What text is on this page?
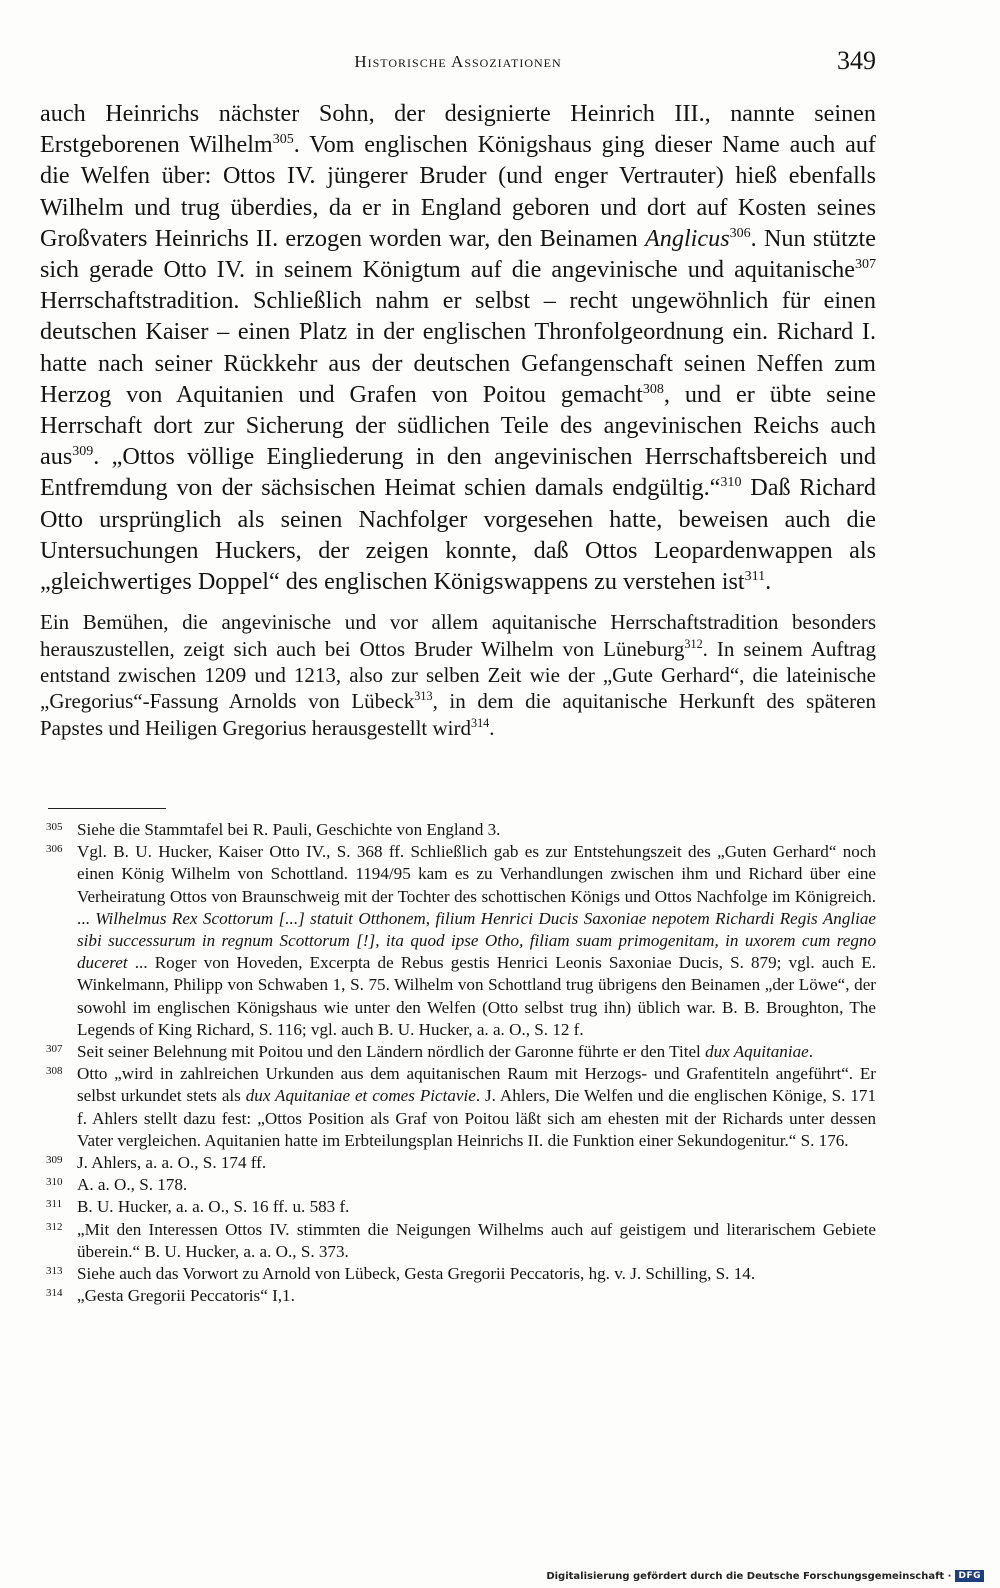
Historische Assoziationen	349

auch Heinrichs nächster Sohn, der designierte Heinrich III., nannte seinen Erstgeborenen Wilhelm$^{305}$. Vom englischen Königshaus ging dieser Name auch auf die Welfen über: Ottos IV. jüngerer Bruder (und enger Vertrauter) hieß ebenfalls Wilhelm und trug überdies, da er in England geboren und dort auf Kosten seines Großvaters Heinrichs II. erzogen worden war, den Beinamen Anglicus$^{306}$. Nun stützte sich gerade Otto IV. in seinem Königtum auf die angevinische und aquitanische$^{307}$ Herrschaftstradition. Schließlich nahm er selbst – recht ungewöhnlich für einen deutschen Kaiser – einen Platz in der englischen Thronfolgeordnung ein. Richard I. hatte nach seiner Rückkehr aus der deutschen Gefangenschaft seinen Neffen zum Herzog von Aquitanien und Grafen von Poitou gemacht$^{308}$, und er übte seine Herrschaft dort zur Sicherung der südlichen Teile des angevinischen Reichs auch aus$^{309}$. „Ottos völlige Eingliederung in den angevinischen Herrschaftsbereich und Entfremdung von der sächsischen Heimat schien damals endgültig.“$^{310}$ Daß Richard Otto ursprünglich als seinen Nachfolger vorgesehen hatte, beweisen auch die Untersuchungen Huckers, der zeigen konnte, daß Ottos Leopardenwappen als „gleichwertiges Doppel“ des englischen Königswappens zu verstehen ist$^{311}$.

Ein Bemühen, die angevinische und vor allem aquitanische Herrschaftstradition besonders herauszustellen, zeigt sich auch bei Ottos Bruder Wilhelm von Lüneburg$^{312}$. In seinem Auftrag entstand zwischen 1209 und 1213, also zur selben Zeit wie der „Gute Gerhard“, die lateinische „Gregorius“-Fassung Arnolds von Lübeck$^{313}$, in dem die aquitanische Herkunft des späteren Papstes und Heiligen Gregorius herausgestellt wird$^{314}$.

305 Siehe die Stammtafel bei R. Pauli, Geschichte von England 3.
306 Vgl. B. U. Hucker, Kaiser Otto IV., S. 368 ff. Schließlich gab es zur Entstehungszeit des „Guten Gerhard“ noch einen König Wilhelm von Schottland. 1194/95 kam es zu Verhandlungen zwischen ihm und Richard über eine Verheiratung Ottos von Braunschweig mit der Tochter des schottischen Königs und Ottos Nachfolge im Königreich. ... Wilhelmus Rex Scottorum [...] statuit Otthonem, filium Henrici Ducis Saxoniae nepotem Richardi Regis Angliae sibi successurum in regnum Scottorum [!], ita quod ipse Otho, filiam suam primogenitam, in uxorem cum regno duceret ... Roger von Hoveden, Excerpta de Rebus gestis Henrici Leonis Saxoniae Ducis, S. 879; vgl. auch E. Winkelmann, Philipp von Schwaben 1, S. 75. Wilhelm von Schottland trug übrigens den Beinamen „der Löwe“, der sowohl im englischen Königshaus wie unter den Welfen (Otto selbst trug ihn) üblich war. B. B. Broughton, The Legends of King Richard, S. 116; vgl. auch B. U. Hucker, a. a. O., S. 12 f.
307 Seit seiner Belehnung mit Poitou und den Ländern nördlich der Garonne führte er den Titel dux Aquitaniae.
308 Otto „wird in zahlreichen Urkunden aus dem aquitanischen Raum mit Herzogs- und Grafentiteln angeführt“. Er selbst urkundet stets als dux Aquitaniae et comes Pictavie. J. Ahlers, Die Welfen und die englischen Könige, S. 171 f. Ahlers stellt dazu fest: „Ottos Position als Graf von Poitou läßt sich am ehesten mit der Richards unter dessen Vater vergleichen. Aquitanien hatte im Erbteilungsplan Heinrichs II. die Funktion einer Sekundogenitur.“ S. 176.
309 J. Ahlers, a. a. O., S. 174 ff.
310 A. a. O., S. 178.
311 B. U. Hucker, a. a. O., S. 16 ff. u. 583 f.
312 „Mit den Interessen Ottos IV. stimmten die Neigungen Wilhelms auch auf geistigem und literarischem Gebiete überein.“ B. U. Hucker, a. a. O., S. 373.
313 Siehe auch das Vorwort zu Arnold von Lübeck, Gesta Gregorii Peccatoris, hg. v. J. Schilling, S. 14.
314 „Gesta Gregorii Peccatoris“ I,1.
Digitalisierung gefördert durch die Deutsche Forschungsgemeinschaft · DFG
